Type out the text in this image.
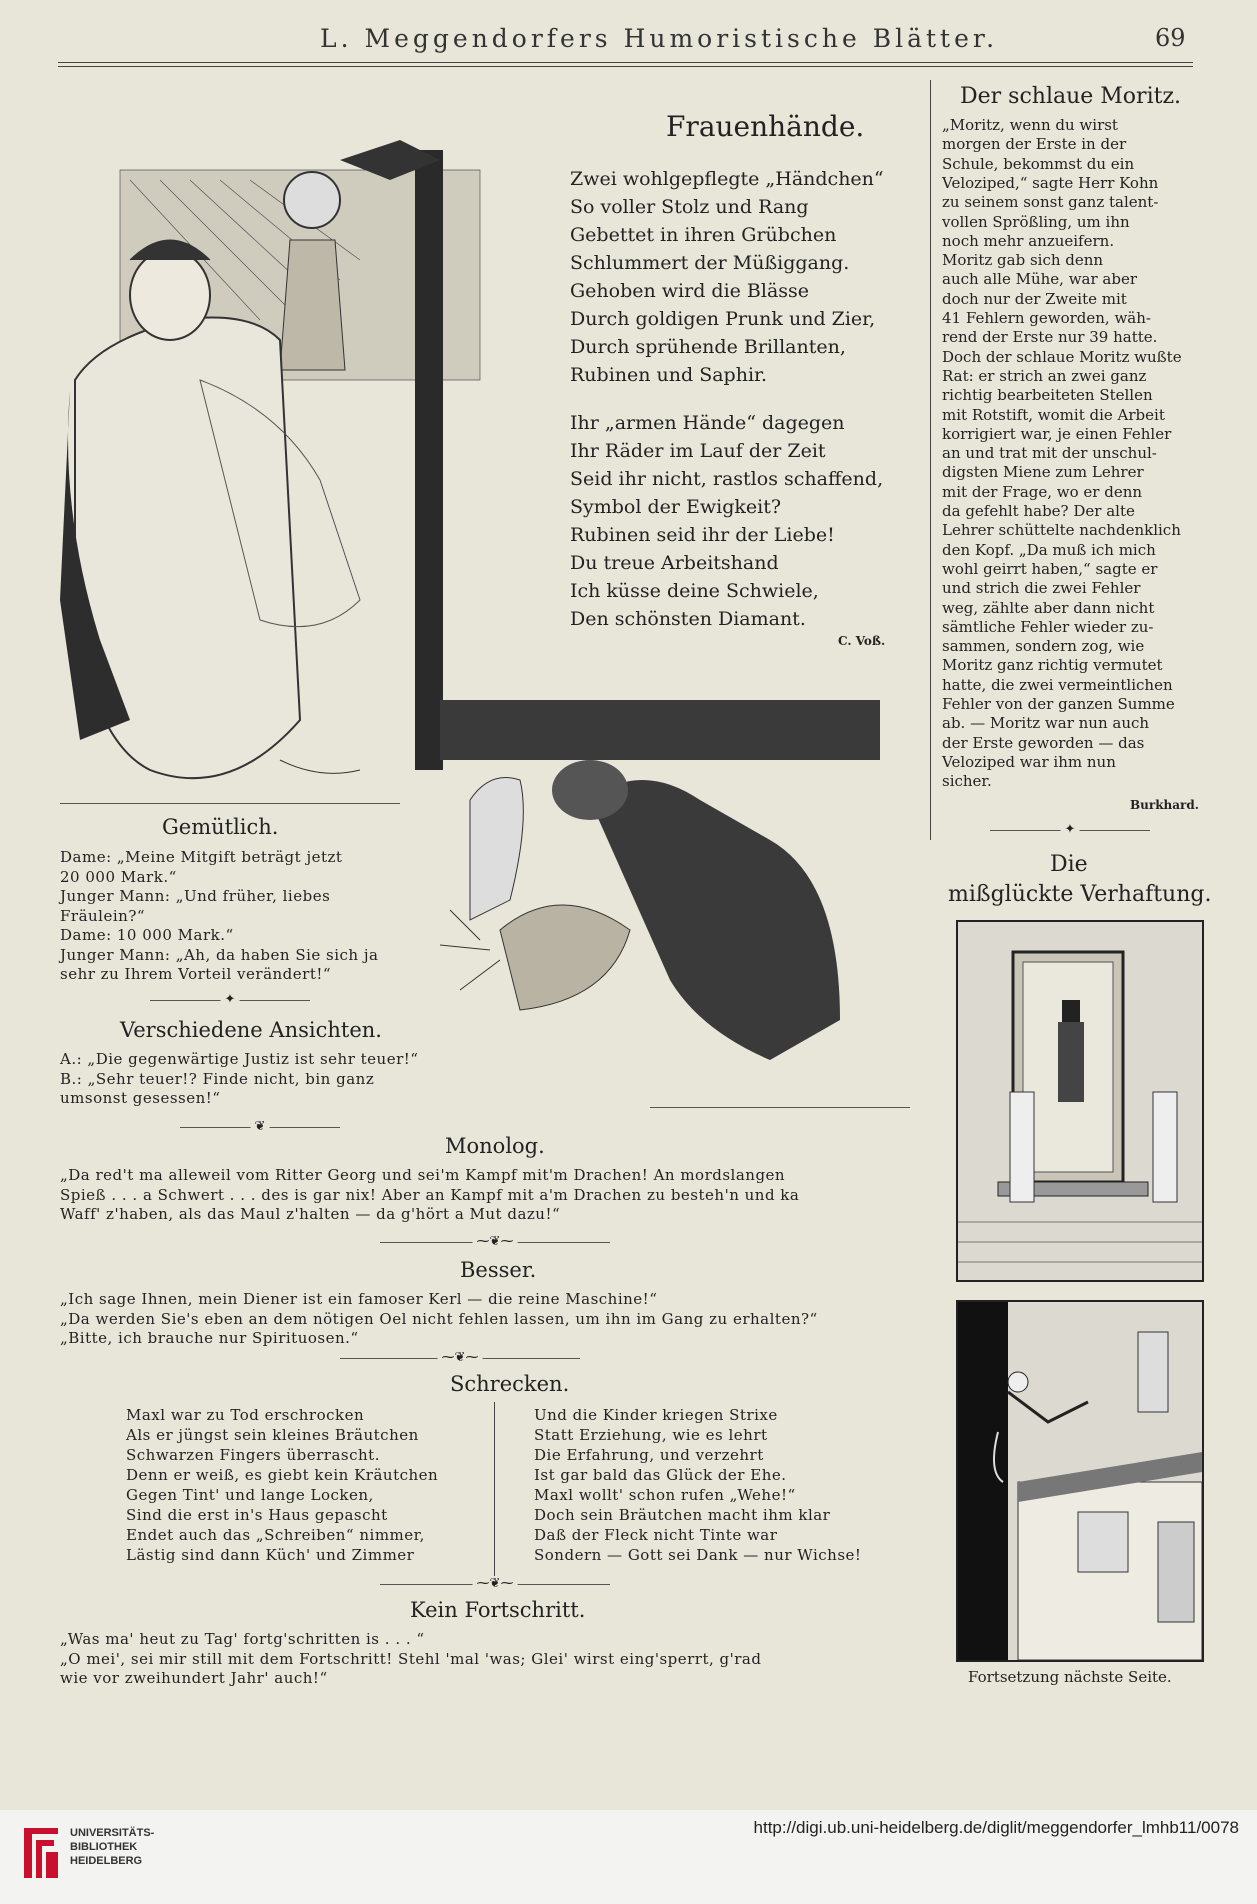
L. Meggendorfers Humoristische Blätter.	69
Frauenhände.
Zwei wohlgepflegte „Händchen“
So voller Stolz und Rang
Gebettet in ihren Grübchen
Schlummert der Müßiggang.
Gehoben wird die Blässe
Durch goldigen Prunk und Zier,
Durch sprühende Brillanten,
Rubinen und Saphir.
Ihr „armen Hände“ dagegen
Ihr Räder im Lauf der Zeit
Seid ihr nicht, rastlos schaffend,
Symbol der Ewigkeit?
Rubinen seid ihr der Liebe!
Du treue Arbeitshand
Ich küsse deine Schwiele,
Den schönsten Diamant.
C. Voß.
Der schlaue Moritz.
„Moritz, wenn du wirst
morgen der Erste in der
Schule, bekommst du ein
Veloziped,“ sagte Herr Kohn
zu seinem sonst ganz talent-
vollen Sprößling, um ihn
noch mehr anzueifern.
Moritz gab sich denn
auch alle Mühe, war aber
doch nur der Zweite mit
41 Fehlern geworden, wäh-
rend der Erste nur 39 hatte.
Doch der schlaue Moritz wußte
Rat: er strich an zwei ganz
richtig bearbeiteten Stellen
mit Rotstift, womit die Arbeit
korrigiert war, je einen Fehler
an und trat mit der unschul-
digsten Miene zum Lehrer
mit der Frage, wo er denn
da gefehlt habe? Der alte
Lehrer schüttelte nachdenklich
den Kopf. „Da muß ich mich
wohl geirrt haben,“ sagte er
und strich die zwei Fehler
weg, zählte aber dann nicht
sämtliche Fehler wieder zu-
sammen, sondern zog, wie
Moritz ganz richtig vermutet
hatte, die zwei vermeintlichen
Fehler von der ganzen Summe
ab. — Moritz war nun auch
der Erste geworden — das
Veloziped war ihm nun
sicher.
Burkhard.
✦
Die
mißglückte Verhaftung.
Fortsetzung nächste Seite.
Gemütlich.
Dame: „Meine Mitgift beträgt jetzt
20 000 Mark.“
Junger Mann: „Und früher, liebes
Fräulein?“
Dame: 10 000 Mark.“
Junger Mann: „Ah, da haben Sie sich ja
sehr zu Ihrem Vorteil verändert!“
✦
Verschiedene Ansichten.
A.: „Die gegenwärtige Justiz ist sehr teuer!“
B.: „Sehr teuer!? Finde nicht, bin ganz
umsonst gesessen!“
❦
Monolog.
„Da red't ma alleweil vom Ritter Georg und sei'm Kampf mit'm Drachen! An mordslangen
Spieß . . . a Schwert . . . des is gar nix! Aber an Kampf mit a'm Drachen zu besteh'n und ka
Waff' z'haben, als das Maul z'halten — da g'hört a Mut dazu!“
⁓❦⁓
Besser.
„Ich sage Ihnen, mein Diener ist ein famoser Kerl — die reine Maschine!“
„Da werden Sie's eben an dem nötigen Oel nicht fehlen lassen, um ihn im Gang zu erhalten?“
„Bitte, ich brauche nur Spirituosen.“
⁓❦⁓
Schrecken.
Maxl war zu Tod erschrocken
Als er jüngst sein kleines Bräutchen
Schwarzen Fingers überrascht.
Denn er weiß, es giebt kein Kräutchen
Gegen Tint' und lange Locken,
Sind die erst in's Haus gepascht
Endet auch das „Schreiben“ nimmer,
Lästig sind dann Küch' und Zimmer
Und die Kinder kriegen Strixe
Statt Erziehung, wie es lehrt
Die Erfahrung, und verzehrt
Ist gar bald das Glück der Ehe.
Maxl wollt' schon rufen „Wehe!“
Doch sein Bräutchen macht ihm klar
Daß der Fleck nicht Tinte war
Sondern — Gott sei Dank — nur Wichse!
⁓❦⁓
Kein Fortschritt.
„Was ma' heut zu Tag' fortg'schritten is . . . “
„O mei', sei mir still mit dem Fortschritt! Stehl 'mal 'was; Glei' wirst eing'sperrt, g'rad
wie vor zweihundert Jahr' auch!“
UNIVERSITÄTS-
BIBLIOTHEK
HEIDELBERG
http://digi.ub.uni-heidelberg.de/diglit/meggendorfer_lmhb11/0078
